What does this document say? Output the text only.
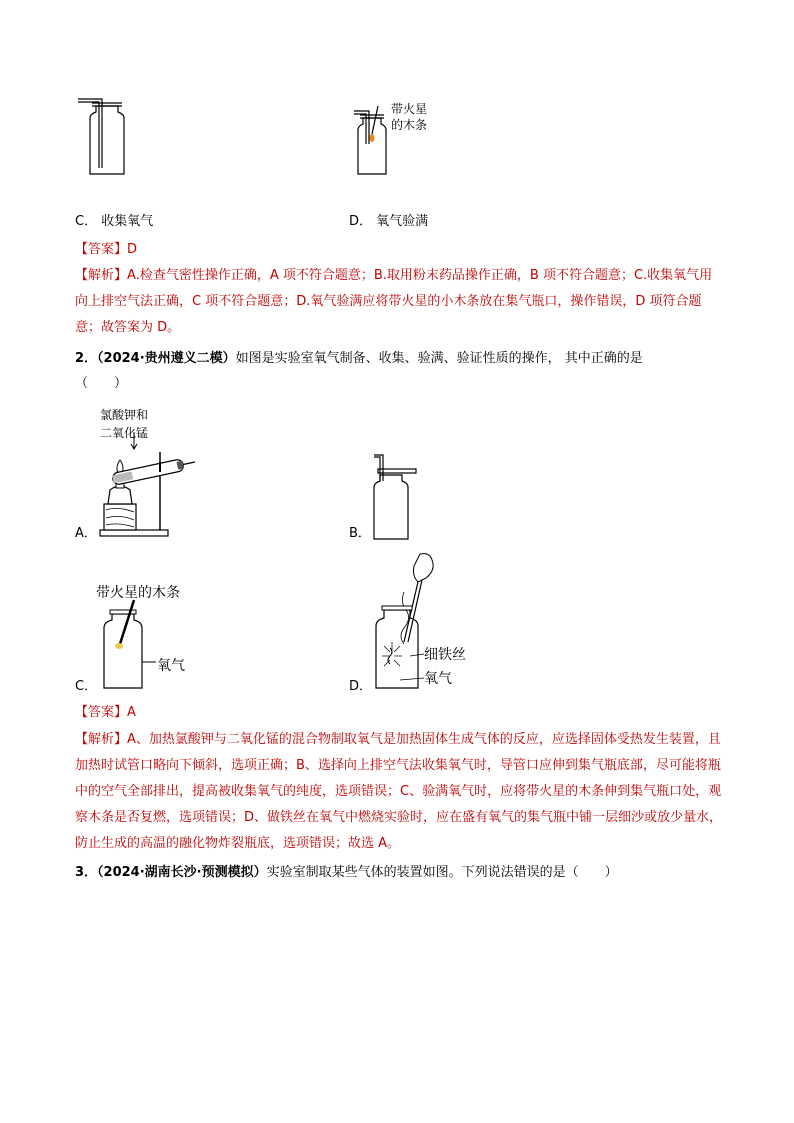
带火星
的木条
C． 收集氧气	D． 氧气验满
【答案】D
【解析】A.检查气密性操作正确，A 项不符合题意；B.取用粉末药品操作正确，B 项不符合题意；C.收集氧气用向上排空气法正确，C 项不符合题意；D.氧气验满应将带火星的小木条放在集气瓶口，操作错误，D 项符合题意；故答案为 D。
2．（2024·贵州遵义二模）如图是实验室氧气制备、收集、验满、验证性质的操作， 其中正确的是
（　　）
氯酸钾和
二氧化锰
A．	B．
带火星的木条
氧气
C．
细铁丝
氧气
D．
【答案】A
【解析】A、加热氯酸钾与二氧化锰的混合物制取氧气是加热固体生成气体的反应，应选择固体受热发生装置，且加热时试管口略向下倾斜，选项正确；B、选择向上排空气法收集氧气时，导管口应伸到集气瓶底部，尽可能将瓶中的空气全部排出，提高被收集氧气的纯度，选项错误；C、验满氧气时，应将带火星的木条伸到集气瓶口处，观察木条是否复燃，选项错误；D、做铁丝在氧气中燃烧实验时，应在盛有氧气的集气瓶中铺一层细沙或放少量水，防止生成的高温的融化物炸裂瓶底，选项错误；故选 A。
3．（2024·湖南长沙·预测模拟）实验室制取某些气体的装置如图。下列说法错误的是（　　）
